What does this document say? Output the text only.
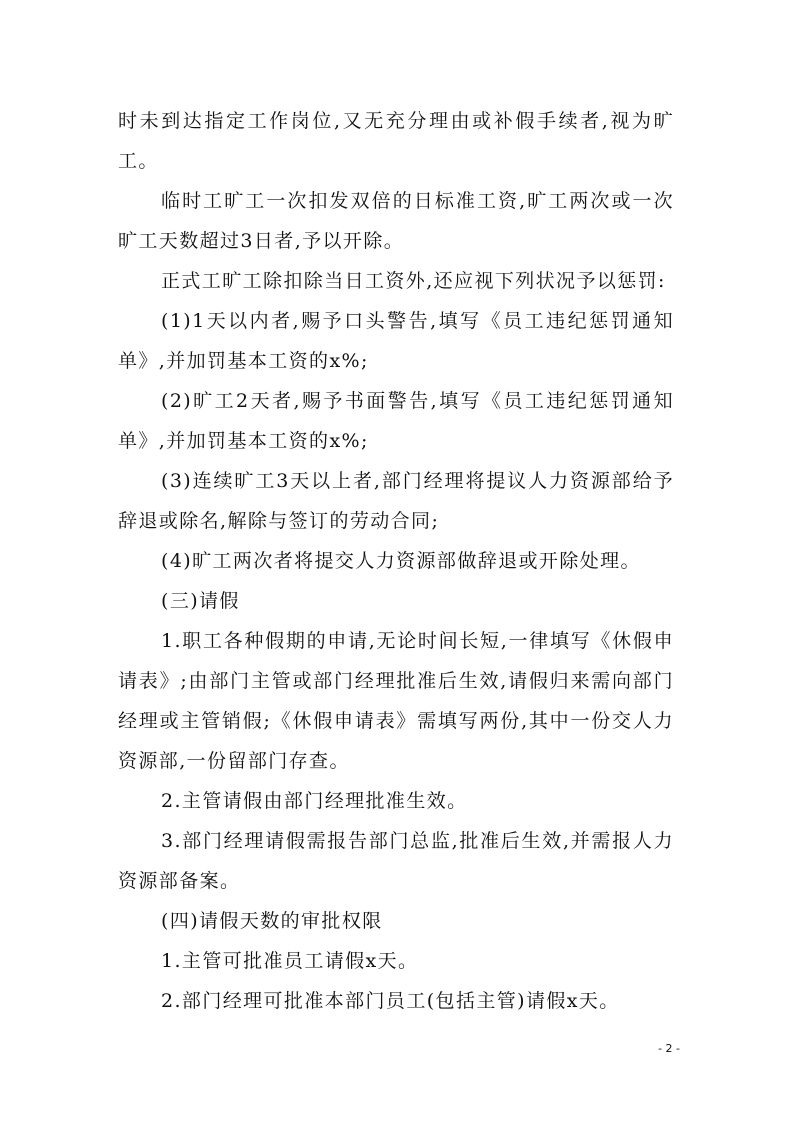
时未到达指定工作岗位,又无充分理由或补假手续者,视为旷工。

临时工旷工一次扣发双倍的日标准工资,旷工两次或一次旷工天数超过3日者,予以开除。

正式工旷工除扣除当日工资外,还应视下列状况予以惩罚:

(1)1天以内者,赐予口头警告,填写《员工违纪惩罚通知单》,并加罚基本工资的x%;

(2)旷工2天者,赐予书面警告,填写《员工违纪惩罚通知单》,并加罚基本工资的x%;

(3)连续旷工3天以上者,部门经理将提议人力资源部给予辞退或除名,解除与签订的劳动合同;

(4)旷工两次者将提交人力资源部做辞退或开除处理。

(三)请假

1.职工各种假期的申请,无论时间长短,一律填写《休假申请表》;由部门主管或部门经理批准后生效,请假归来需向部门经理或主管销假;《休假申请表》需填写两份,其中一份交人力资源部,一份留部门存查。

2.主管请假由部门经理批准生效。

3.部门经理请假需报告部门总监,批准后生效,并需报人力资源部备案。

(四)请假天数的审批权限

1.主管可批准员工请假x天。

2.部门经理可批准本部门员工(包括主管)请假x天。

- 2 -
